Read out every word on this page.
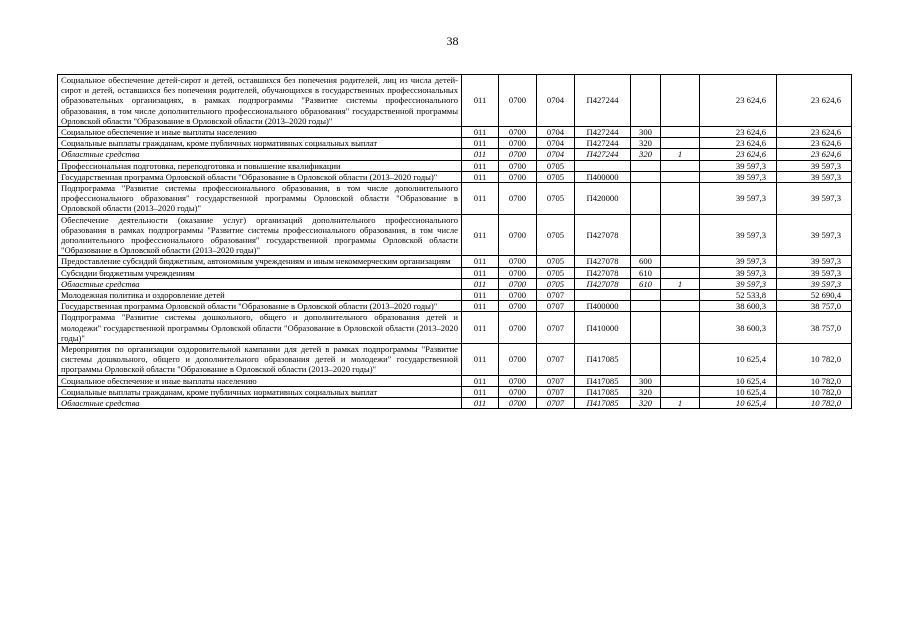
38
Социальное обеспечение детей-сирот и детей, оставшихся без попечения родителей, лиц из числа детей-сирот и детей, оставшихся без попечения родителей, обучающихся в государственных профессиональных образовательных организациях, в рамках подпрограммы "Развитие системы профессионального образования, в том числе дополнительного профессионального образования" государственной программы Орловской области "Образование в Орловской области (2013–2020 годы)"	011	0700	0704	П427244			23 624,6	23 624,6
Социальное обеспечение и иные выплаты населению	011	0700	0704	П427244	300		23 624,6	23 624,6
Социальные выплаты гражданам, кроме публичных нормативных социальных выплат	011	0700	0704	П427244	320		23 624,6	23 624,6
Областные средства	011	0700	0704	П427244	320	1	23 624,6	23 624,6
Профессиональная подготовка, переподготовка и повышение квалификации	011	0700	0705				39 597,3	39 597,3
Государственная программа Орловской области "Образование в Орловской области (2013–2020 годы)"	011	0700	0705	П400000			39 597,3	39 597,3
Подпрограмма "Развитие системы профессионального образования, в том числе дополнительного профессионального образования" государственной программы Орловской области "Образование в Орловской области (2013–2020 годы)"	011	0700	0705	П420000			39 597,3	39 597,3
Обеспечение деятельности (оказание услуг) организаций дополнительного профессионального образования в рамках подпрограммы "Развитие системы профессионального образования, в том числе дополнительного профессионального образования" государственной программы Орловской области "Образование в Орловской области (2013–2020 годы)"	011	0700	0705	П427078			39 597,3	39 597,3
Предоставление субсидий бюджетным, автономным учреждениям и иным некоммерческим организациям	011	0700	0705	П427078	600		39 597,3	39 597,3
Субсидии бюджетным учреждениям	011	0700	0705	П427078	610		39 597,3	39 597,3
Областные средства	011	0700	0705	П427078	610	1	39 597,3	39 597,3
Молодежная политика и оздоровление детей	011	0700	0707				52 533,8	52 690,4
Государственная программа Орловской области "Образование в Орловской области (2013–2020 годы)"	011	0700	0707	П400000			38 600,3	38 757,0
Подпрограмма "Развитие системы дошкольного, общего и дополнительного образования детей и молодежи" государственной программы Орловской области "Образование в Орловской области (2013–2020 годы)"	011	0700	0707	П410000			38 600,3	38 757,0
Мероприятия по организации оздоровительной кампании для детей в рамках подпрограммы "Развитие системы дошкольного, общего и дополнительного образования детей и молодежи" государственной программы Орловской области "Образование в Орловской области (2013–2020 годы)"	011	0700	0707	П417085			10 625,4	10 782,0
Социальное обеспечение и иные выплаты населению	011	0700	0707	П417085	300		10 625,4	10 782,0
Социальные выплаты гражданам, кроме публичных нормативных социальных выплат	011	0700	0707	П417085	320		10 625,4	10 782,0
Областные средства	011	0700	0707	П417085	320	1	10 625,4	10 782,0
